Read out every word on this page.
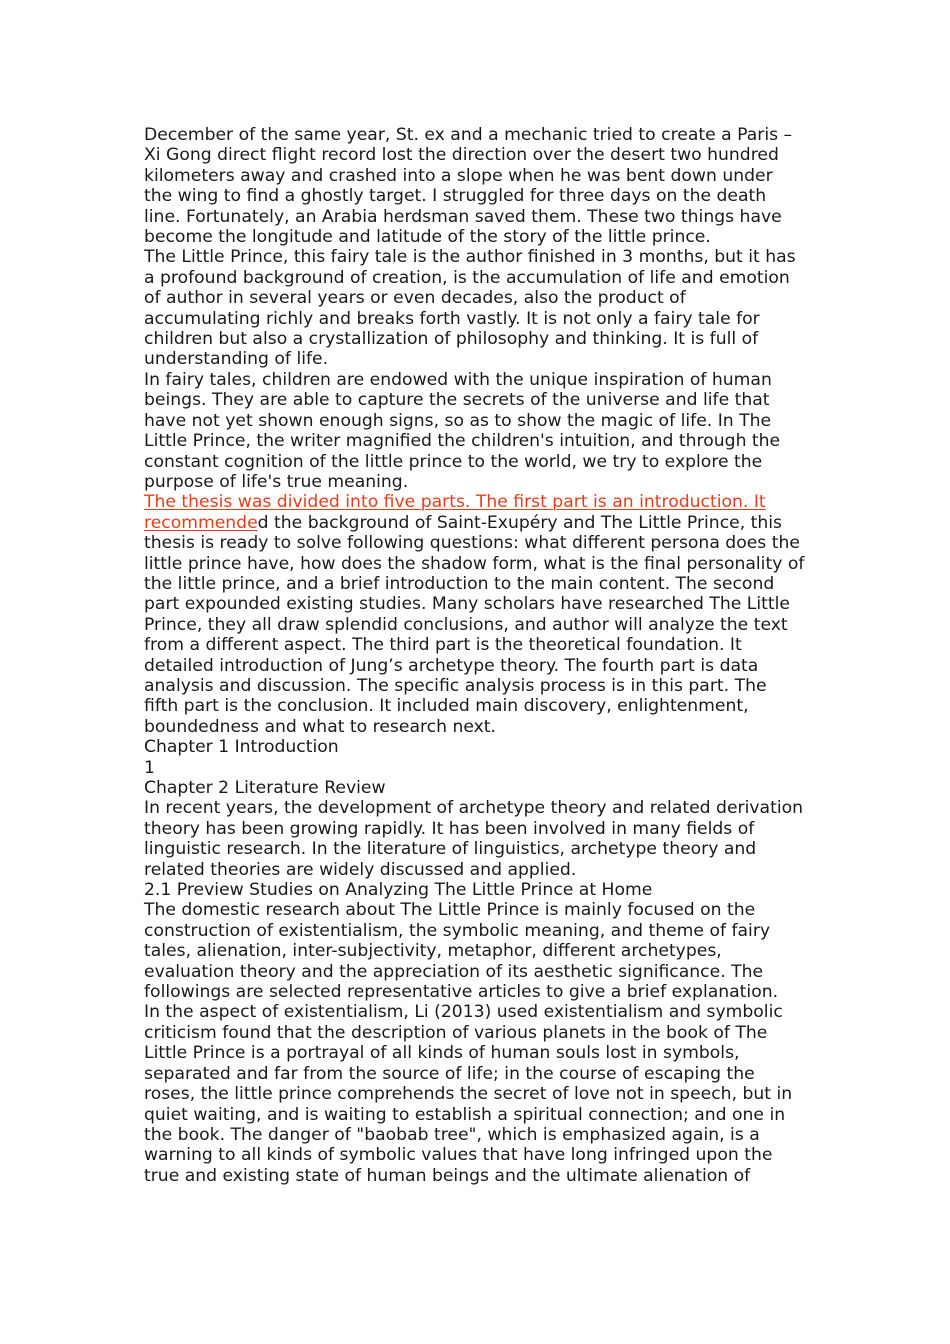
December of the same year, St. ex and a mechanic tried to create a Paris – Xi Gong direct flight record lost the direction over the desert two hundred kilometers away and crashed into a slope when he was bent down under the wing to find a ghostly target. I struggled for three days on the death line. Fortunately, an Arabia herdsman saved them. These two things have become the longitude and latitude of the story of the little prince.

The Little Prince, this fairy tale is the author finished in 3 months, but it has a profound background of creation, is the accumulation of life and emotion of author in several years or even decades, also the product of accumulating richly and breaks forth vastly. It is not only a fairy tale for children but also a crystallization of philosophy and thinking. It is full of understanding of life.

In fairy tales, children are endowed with the unique inspiration of human beings. They are able to capture the secrets of the universe and life that have not yet shown enough signs, so as to show the magic of life. In The Little Prince, the writer magnified the children's intuition, and through the constant cognition of the little prince to the world, we try to explore the purpose of life's true meaning.

The thesis was divided into five parts. The first part is an introduction. It recommended the background of Saint-Exupéry and The Little Prince, this thesis is ready to solve following questions: what different persona does the little prince have, how does the shadow form, what is the final personality of the little prince, and a brief introduction to the main content. The second part expounded existing studies. Many scholars have researched The Little Prince, they all draw splendid conclusions, and author will analyze the text from a different aspect. The third part is the theoretical foundation. It detailed introduction of Jung’s archetype theory. The fourth part is data analysis and discussion. The specific analysis process is in this part. The fifth part is the conclusion. It included main discovery, enlightenment, boundedness and what to research next.

Chapter 1 Introduction

1

Chapter 2 Literature Review

In recent years, the development of archetype theory and related derivation theory has been growing rapidly. It has been involved in many fields of linguistic research. In the literature of linguistics, archetype theory and related theories are widely discussed and applied.

2.1 Preview Studies on Analyzing The Little Prince at Home

The domestic research about The Little Prince is mainly focused on the construction of existentialism, the symbolic meaning, and theme of fairy tales, alienation, inter-subjectivity, metaphor, different archetypes, evaluation theory and the appreciation of its aesthetic significance. The followings are selected representative articles to give a brief explanation.

In the aspect of existentialism, Li (2013) used existentialism and symbolic criticism found that the description of various planets in the book of The Little Prince is a portrayal of all kinds of human souls lost in symbols, separated and far from the source of life; in the course of escaping the roses, the little prince comprehends the secret of love not in speech, but in quiet waiting, and is waiting to establish a spiritual connection; and one in the book. The danger of "baobab tree", which is emphasized again, is a warning to all kinds of symbolic values that have long infringed upon the true and existing state of human beings and the ultimate alienation of
